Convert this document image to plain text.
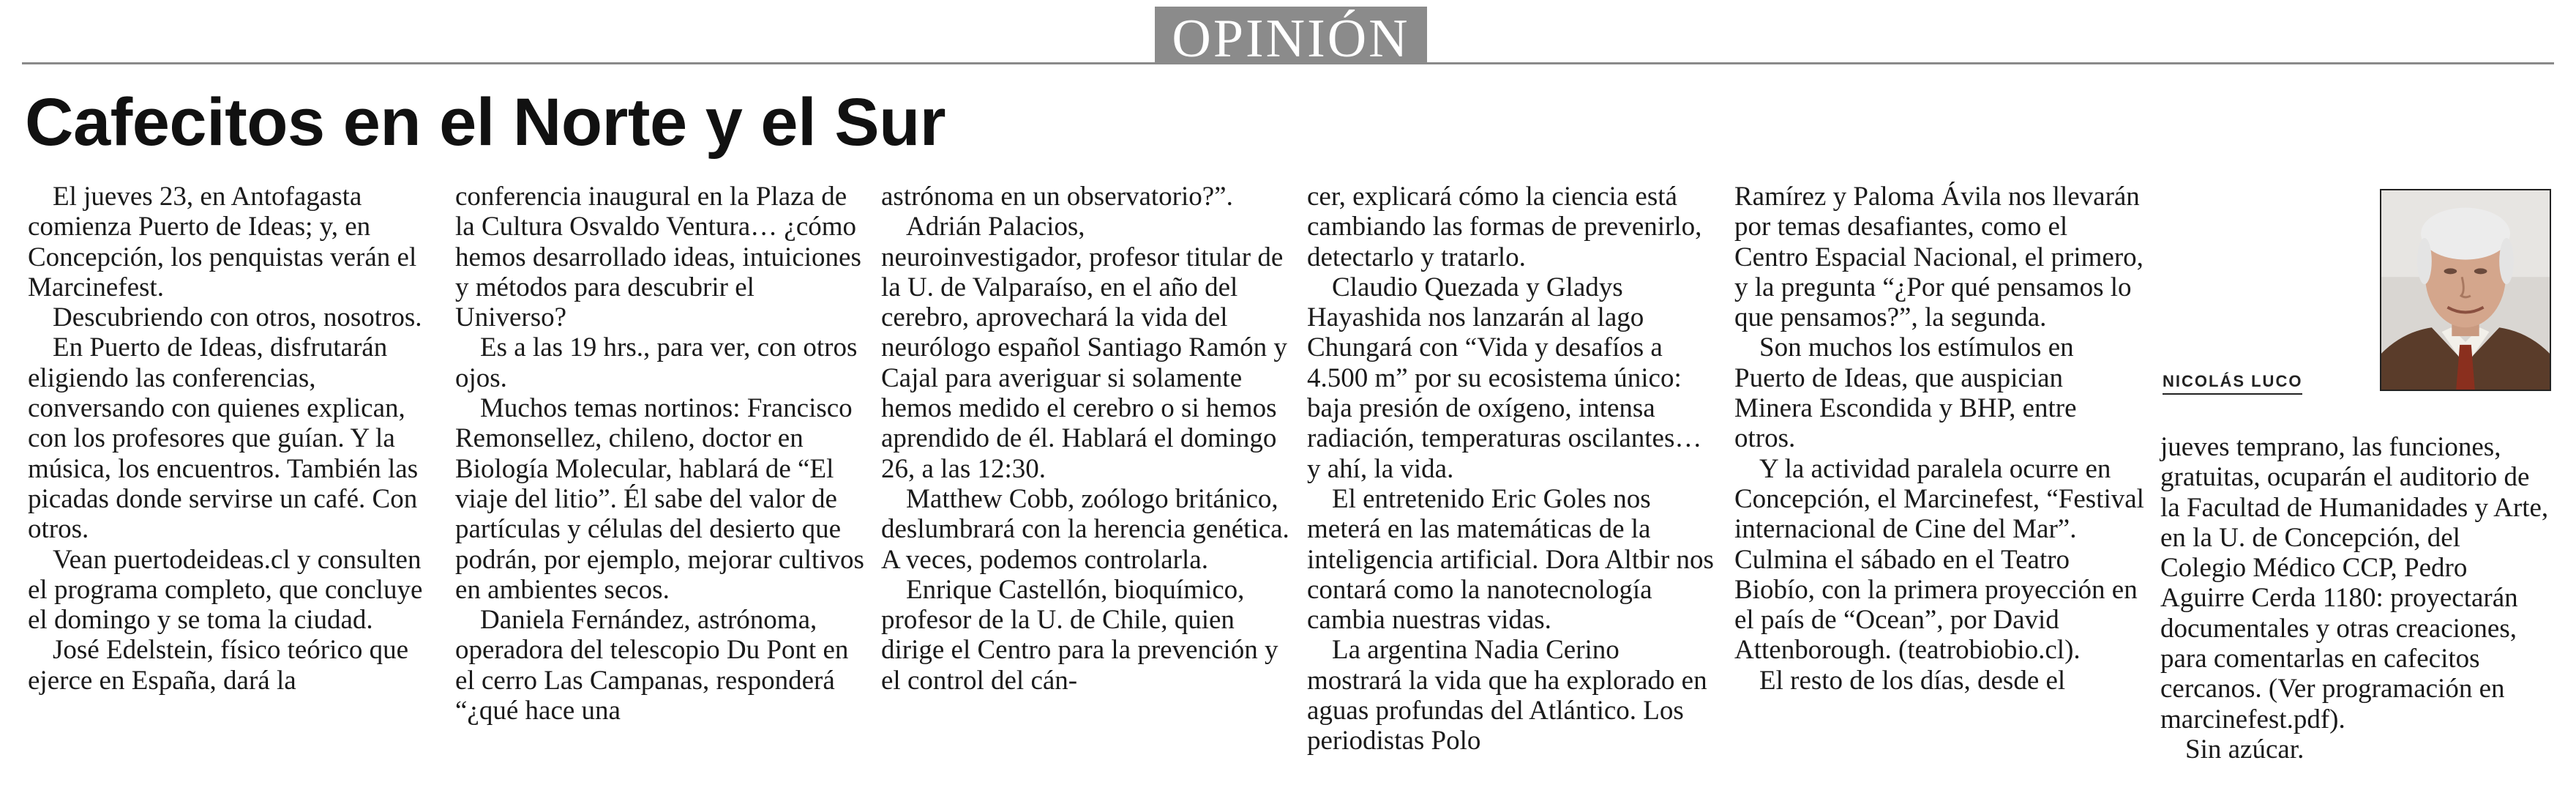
OPINIÓN
Cafecitos en el Norte y el Sur

El jueves 23, en Antofagasta comienza Puerto de Ideas; y, en Concepción, los penquistas verán el Marcinefest.

Descubriendo con otros, nosotros.

En Puerto de Ideas, disfrutarán eligiendo las conferencias, conversando con quienes explican, con los profesores que guían. Y la música, los encuentros. También las picadas donde servirse un café. Con otros.

Vean puertodeideas.cl y consulten el programa completo, que concluye el domingo y se toma la ciudad.

José Edelstein, físico teórico que ejerce en España, dará la

conferencia inaugural en la Plaza de la Cultura Osvaldo Ventura… ¿cómo hemos desarrollado ideas, intuiciones y métodos para descubrir el Universo?

Es a las 19 hrs., para ver, con otros ojos.

Muchos temas nortinos: Francisco Remonsellez, chileno, doctor en Biología Molecular, hablará de “El viaje del litio”. Él sabe del valor de partículas y células del desierto que podrán, por ejemplo, mejorar cultivos en ambientes secos.

Daniela Fernández, astrónoma, operadora del telescopio Du Pont en el cerro Las Campanas, responderá “¿qué hace una

astrónoma en un observatorio?”.

Adrián Palacios, neuroinvestigador, profesor titular de la U. de Valparaíso, en el año del cerebro, aprovechará la vida del neurólogo español Santiago Ramón y Cajal para averiguar si solamente hemos medido el cerebro o si hemos aprendido de él. Hablará el domingo 26, a las 12:30.

Matthew Cobb, zoólogo británico, deslumbrará con la herencia genética. A veces, podemos controlarla.

Enrique Castellón, bioquímico, profesor de la U. de Chile, quien dirige el Centro para la prevención y el control del cán-

cer, explicará cómo la ciencia está cambiando las formas de prevenirlo, detectarlo y tratarlo.

Claudio Quezada y Gladys Hayashida nos lanzarán al lago Chungará con “Vida y desafíos a 4.500 m” por su ecosistema único: baja presión de oxígeno, intensa radiación, temperaturas oscilantes… y ahí, la vida.

El entretenido Eric Goles nos meterá en las matemáticas de la inteligencia artificial. Dora Altbir nos contará como la nanotecnología cambia nuestras vidas.

La argentina Nadia Cerino mostrará la vida que ha explorado en aguas profundas del Atlántico. Los periodistas Polo

Ramírez y Paloma Ávila nos llevarán por temas desafiantes, como el Centro Espacial Nacional, el primero, y la pregunta “¿Por qué pensamos lo que pensamos?”, la segunda.

Son muchos los estímulos en Puerto de Ideas, que auspician Minera Escondida y BHP, entre otros.

Y la actividad paralela ocurre en Concepción, el Marcinefest, “Festival internacional de Cine del Mar”. Culmina el sábado en el Teatro Biobío, con la primera proyección en el país de “Ocean”, por David Attenborough. (teatrobiobio.cl).

El resto de los días, desde el

NICOLÁS LUCO

jueves temprano, las funciones, gratuitas, ocuparán el auditorio de la Facultad de Humanidades y Arte, en la U. de Concepción, del Colegio Médico CCP, Pedro Aguirre Cerda 1180: proyectarán documentales y otras creaciones, para comentarlas en cafecitos cercanos. (Ver programación en marcinefest.pdf).

Sin azúcar.
